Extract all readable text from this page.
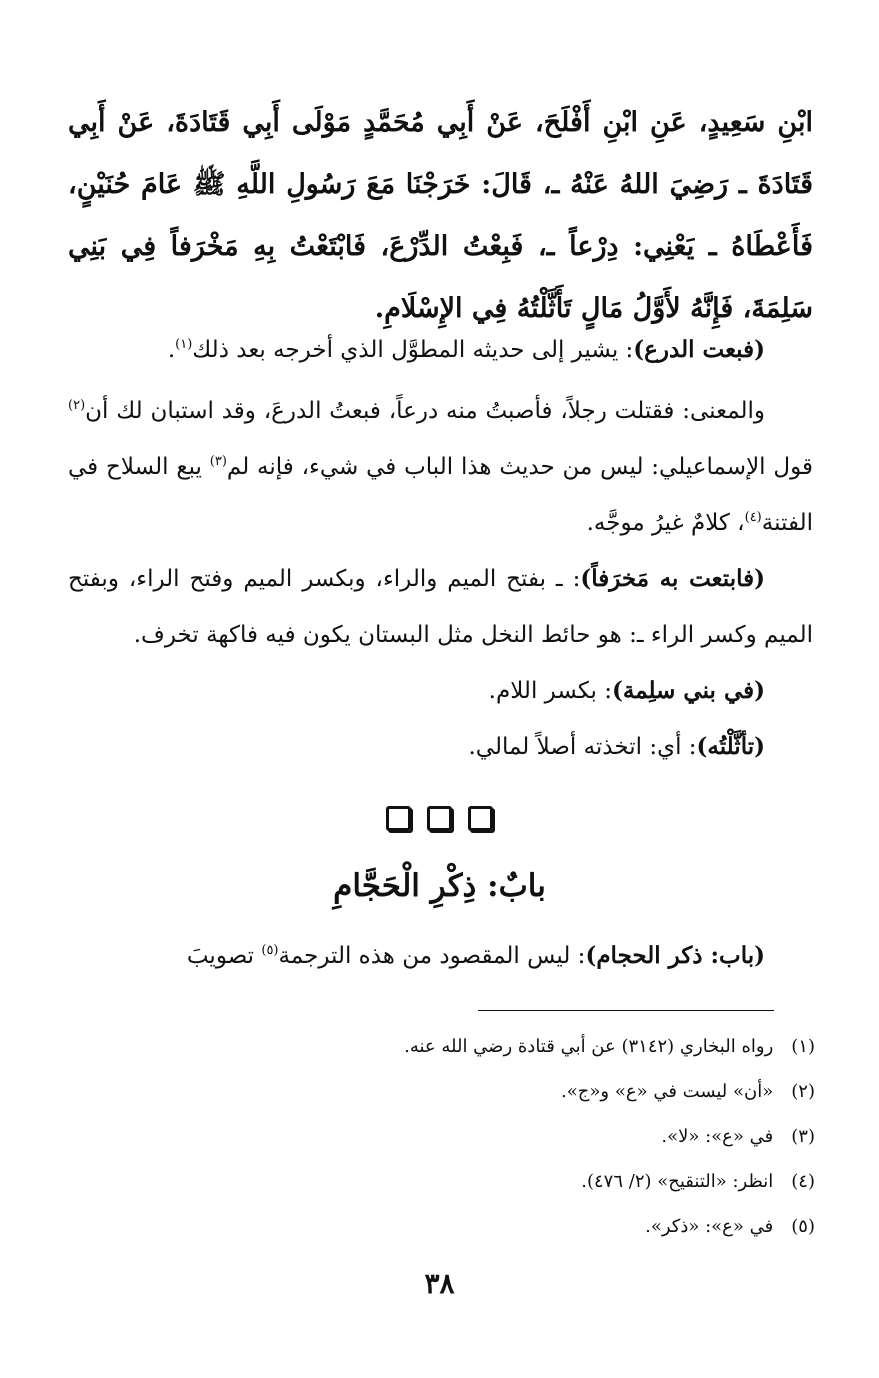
ابْنِ سَعِيدٍ، عَنِ ابْنِ أَفْلَحَ، عَنْ أَبِي مُحَمَّدٍ مَوْلَى أَبِي قَتَادَةَ، عَنْ أَبِي قَتَادَةَ ـ رَضِيَ اللهُ عَنْهُ ـ، قَالَ: خَرَجْنَا مَعَ رَسُولِ اللَّهِ ﷺ عَامَ حُنَيْنٍ، فَأَعْطَاهُ ـ يَعْنِي: دِرْعاً ـ، فَبِعْتُ الدِّرْعَ، فَابْتَعْتُ بِهِ مَخْرَفاً فِي بَنِي سَلِمَةَ، فَإِنَّهُ لأَوَّلُ مَالٍ تَأَثَّلْتُهُ فِي الإِسْلَامِ.
(فبعت الدرع): يشير إلى حديثه المطوَّل الذي أخرجه بعد ذلك$^{(١)}$.
والمعنى: فقتلت رجلاً، فأصبتُ منه درعاً، فبعتُ الدرعَ، وقد استبان لك أن$^{(٢)}$ قول الإسماعيلي: ليس من حديث هذا الباب في شيء، فإنه لم$^{(٣)}$ يبع السلاح في الفتنة$^{(٤)}$، كلامٌ غيرُ موجَّه.
(فابتعت به مَخرَفاً): ـ بفتح الميم والراء، وبكسر الميم وفتح الراء، وبفتح الميم وكسر الراء ـ: هو حائط النخل مثل البستان يكون فيه فاكهة تخرف.
(في بني سلِمة): بكسر اللام.
(تأثَّلْتُه): أي: اتخذته أصلاً لمالي.
بابٌ: ذِكْرِ الْحَجَّامِ
(باب: ذكر الحجام): ليس المقصود من هذه الترجمة$^{(٥)}$ تصويبَ
(١) رواه البخاري (٣١٤٢) عن أبي قتادة رضي الله عنه.
(٢) «أن» ليست في «ع» و«ج».
(٣) في «ع»: «لا».
(٤) انظر: «التنقيح» (٢/ ٤٧٦).
(٥) في «ع»: «ذكر».
٣٨
